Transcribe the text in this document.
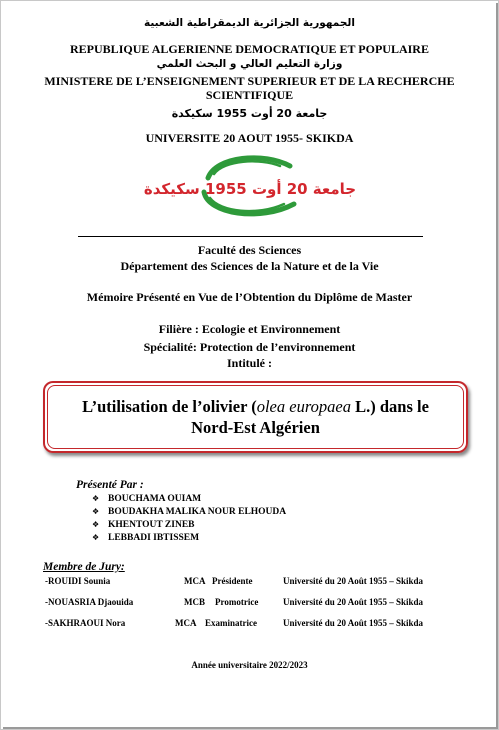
الجمهورية الجزائرية الديمقراطية الشعبية
REPUBLIQUE ALGERIENNE DEMOCRATIQUE ET POPULAIRE
وزارة التعليم العالي و البحث العلمي
MINISTERE DE L’ENSEIGNEMENT SUPERIEUR ET DE LA RECHERCHE
SCIENTIFIQUE
جامعة 20 أوت 1955 سكيكدة
UNIVERSITE 20 AOUT 1955- SKIKDA
جامعة 20 أوت 1955 سكيكدة
Faculté des Sciences
Département des Sciences de la Nature et de la Vie
Mémoire Présenté en Vue de l’Obtention du Diplôme de Master
Filière : Ecologie et Environnement
Spécialité: Protection de l’environnement
Intitulé :
L’utilisation de l’olivier (olea europaea L.) dans le
Nord-Est Algérien
Présenté Par :
❖ BOUCHAMA OUIAM
❖ BOUDAKHA MALIKA NOUR ELHOUDA
❖ KHENTOUT ZINEB
❖ LEBBADI IBTISSEM
Membre de Jury:
-ROUIDI Sounia	MCA Présidente	Université du 20 Août 1955 – Skikda
-NOUASRIA Djaouida	MCB Promotrice	Université du 20 Août 1955 – Skikda
-SAKHRAOUI Nora	MCA Examinatrice	Université du 20 Août 1955 – Skikda
Année universitaire 2022/2023
